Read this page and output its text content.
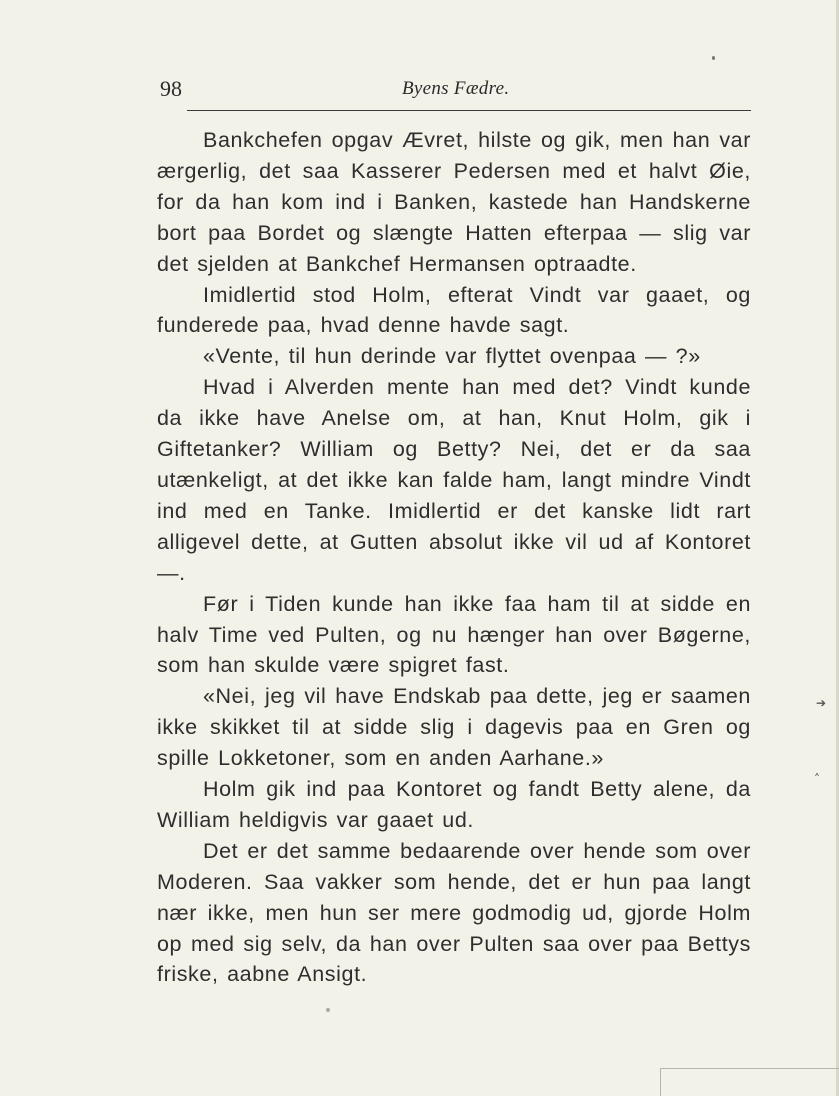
98	Byens Fædre.

Bankchefen opgav Ævret, hilste og gik, men han var ærgerlig, det saa Kasserer Pedersen med et halvt Øie, for da han kom ind i Banken, kastede han Handskerne bort paa Bordet og slængte Hatten efterpaa — slig var det sjelden at Bankchef Hermansen optraadte.

Imidlertid stod Holm, efterat Vindt var gaaet, og funderede paa, hvad denne havde sagt.

«Vente, til hun derinde var flyttet ovenpaa — ?»

Hvad i Alverden mente han med det? Vindt kunde da ikke have Anelse om, at han, Knut Holm, gik i Giftetanker? William og Betty? Nei, det er da saa utænkeligt, at det ikke kan falde ham, langt mindre Vindt ind med en Tanke. Imidlertid er det kanske lidt rart alligevel dette, at Gutten absolut ikke vil ud af Kontoret —.

Før i Tiden kunde han ikke faa ham til at sidde en halv Time ved Pulten, og nu hænger han over Bøgerne, som han skulde være spigret fast.

«Nei, jeg vil have Endskab paa dette, jeg er saamen ikke skikket til at sidde slig i dagevis paa en Gren og spille Lokketoner, som en anden Aarhane.»

Holm gik ind paa Kontoret og fandt Betty alene, da William heldigvis var gaaet ud.

Det er det samme bedaarende over hende som over Moderen. Saa vakker som hende, det er hun paa langt nær ikke, men hun ser mere godmodig ud, gjorde Holm op med sig selv, da han over Pulten saa over paa Bettys friske, aabne Ansigt.

➔
˄
